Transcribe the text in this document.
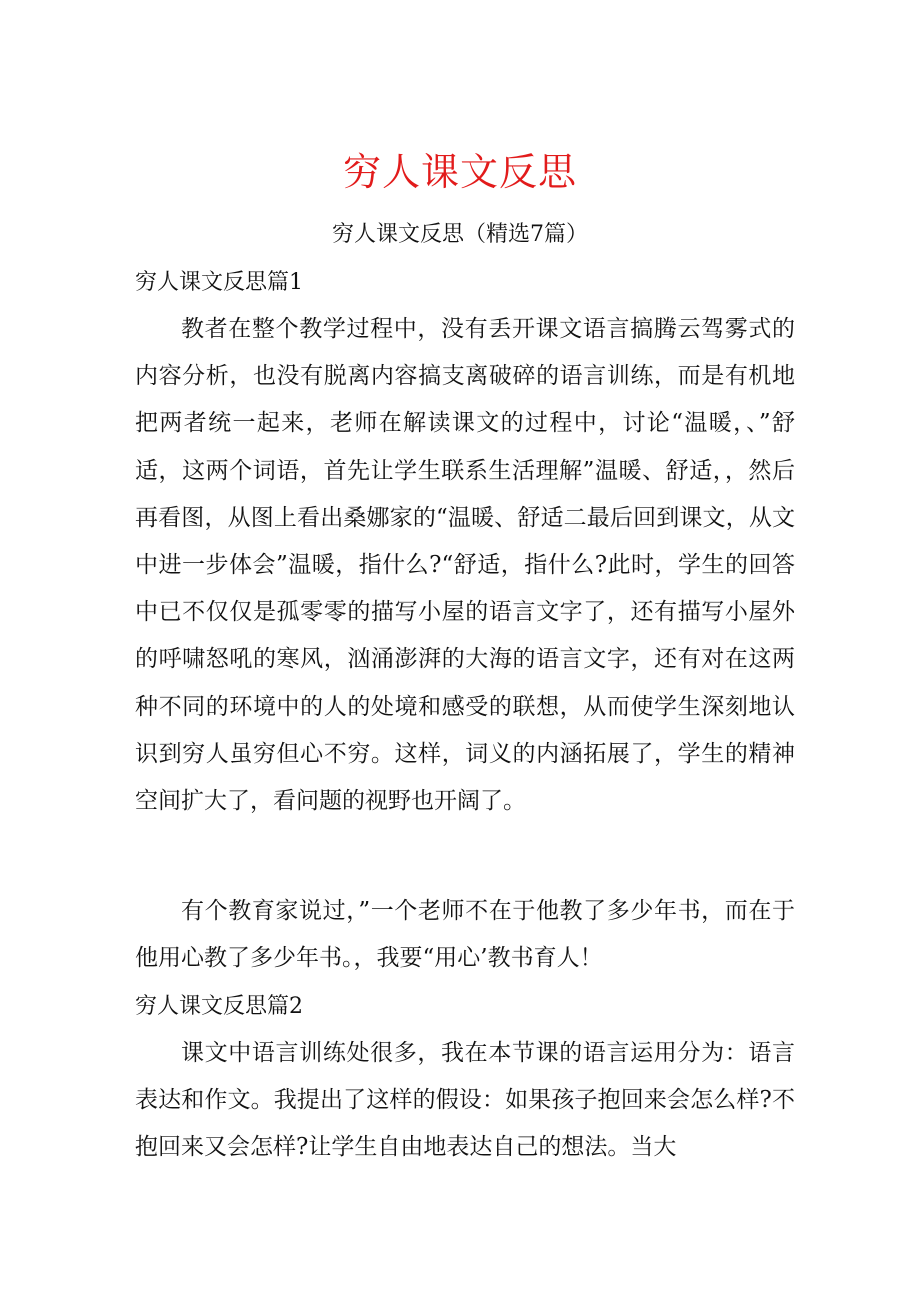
穷人课文反思
穷人课文反思（精选7篇）
穷人课文反思篇1

教者在整个教学过程中，没有丢开课文语言搞腾云驾雾式的内容分析，也没有脱离内容搞支离破碎的语言训练，而是有机地把两者统一起来，老师在解读课文的过程中，讨论“温暖，、”舒适，这两个词语，首先让学生联系生活理解”温暖、舒适，，然后再看图，从图上看出桑娜家的“温暖、舒适二最后回到课文，从文中进一步体会”温暖，指什么?“舒适，指什么?此时，学生的回答中已不仅仅是孤零零的描写小屋的语言文字了，还有描写小屋外的呼啸怒吼的寒风，汹涌澎湃的大海的语言文字，还有对在这两种不同的环境中的人的处境和感受的联想，从而使学生深刻地认识到穷人虽穷但心不穷。这样，词义的内涵拓展了，学生的精神空间扩大了，看问题的视野也开阔了。

有个教育家说过，”一个老师不在于他教了多少年书，而在于他用心教了多少年书。，我要“用心’教书育人！

穷人课文反思篇2

课文中语言训练处很多，我在本节课的语言运用分为：语言表达和作文。我提出了这样的假设：如果孩子抱回来会怎么样?不抱回来又会怎样?让学生自由地表达自己的想法。当大
